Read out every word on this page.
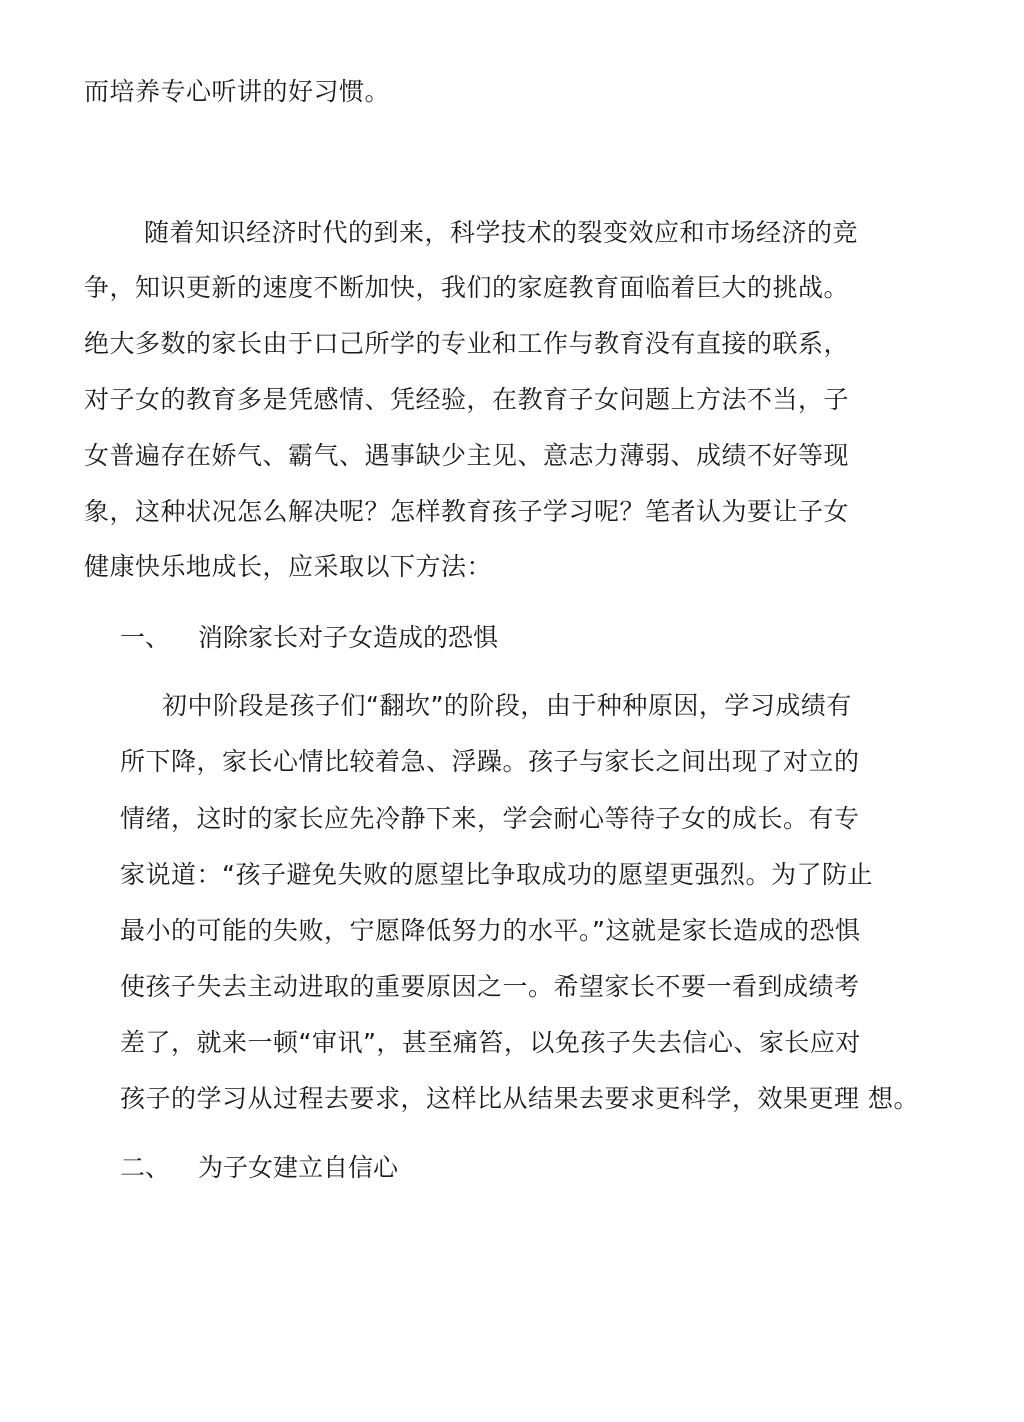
而培养专心听讲的好习惯。
随着知识经济时代的到来，科学技术的裂变效应和市场经济的竞
争，知识更新的速度不断加快，我们的家庭教育面临着巨大的挑战。
绝大多数的家长由于口己所学的专业和工作与教育没有直接的联系，
对子女的教育多是凭感情、凭经验，在教育子女问题上方法不当，子
女普遍存在娇气、霸气、遇事缺少主见、意志力薄弱、成绩不好等现
象，这种状况怎么解决呢？怎样教育孩子学习呢？笔者认为要让子女
健康快乐地成长，应采取以下方法：
一、 消除家长对子女造成的恐惧
初中阶段是孩子们“翻坎”的阶段，由于种种原因，学习成绩有
所下降，家长心情比较着急、浮躁。孩子与家长之间出现了对立的
情绪，这时的家长应先冷静下来，学会耐心等待子女的成长。有专
家说道：“孩子避免失败的愿望比争取成功的愿望更强烈。为了防止
最小的可能的失败，宁愿降低努力的水平。”这就是家长造成的恐惧
使孩子失去主动进取的重要原因之一。希望家长不要一看到成绩考
差了，就来一顿“审讯”，甚至痛笞，以免孩子失去信心、家长应对
孩子的学习从过程去要求，这样比从结果去要求更科学，效果更理 想。
二、 为子女建立自信心
